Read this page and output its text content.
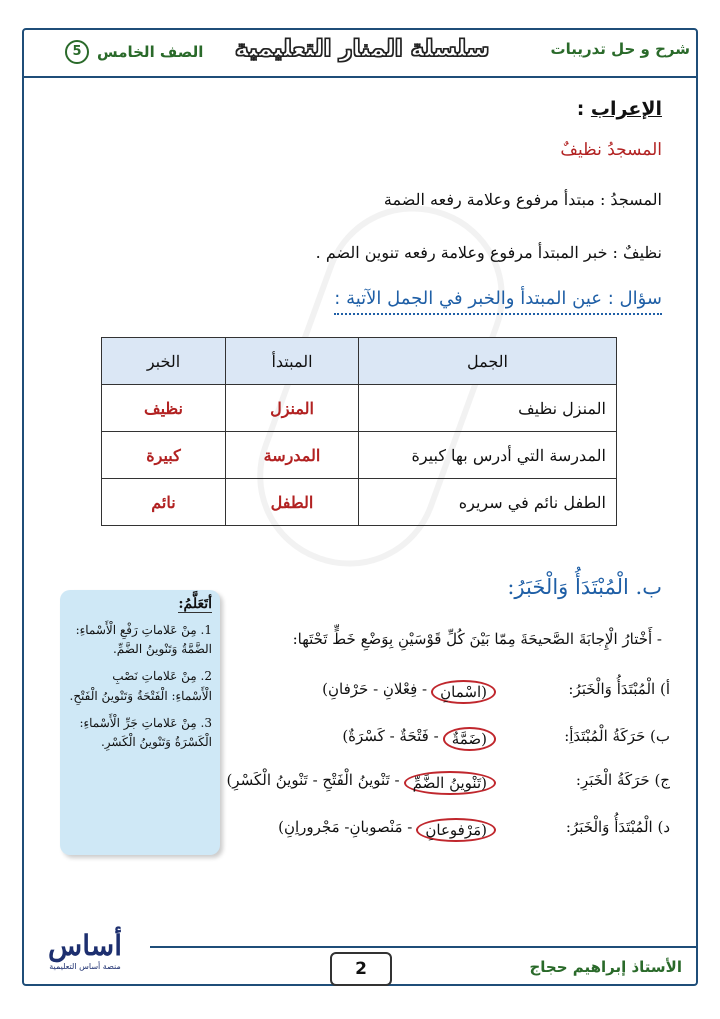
شرح و حل تدريبات
سلسلة المنار التعليمية
الصف الخامس
5
الإعراب :
المسجدُ نظيفٌ
المسجدُ : مبتدأ مرفوع وعلامة رفعه الضمة
نظيفٌ : خبر المبتدأ مرفوع وعلامة رفعه تنوين الضم .
سؤال : عين المبتدأ والخبر في الجمل الآتية :
الجمل	المبتدأ	الخبر
المنزل نظيف	المنزل	نظيف
المدرسة التي أدرس بها كبيرة	المدرسة	كبيرة
الطفل نائم في سريره	الطفل	نائم
ب. الْمُبْتَدَأُ وَالْخَبَرُ:
- أَخْتارُ الْإِجابَةَ الصَّحيحَةَ مِمّا بَيْنَ كُلِّ قَوْسَيْنِ بِوَضْعِ خَطٍّ تَحْتَها:
أ) الْمُبْتَدَأُ وَالْخَبَرُ:
(اسْمانِ
- فِعْلانِ - حَرْفانِ)
ب) حَرَكَةُ الْمُبْتَدَأِ:
(ضَمَّةٌ
- فَتْحَةٌ - كَسْرَةٌ)
ج) حَرَكَةُ الْخَبَرِ:
(تَنْوينُ الضَّمِّ
- تَنْوينُ الْفَتْحِ - تَنْوينُ الْكَسْرِ)
د) الْمُبْتَدَأُ وَالْخَبَرُ:
(مَرْفوعانِ
- مَنْصوبانِ- مَجْروراِنِ)
أتَعَلَّمُ:

1. مِنْ عَلاماتِ رَفْعِ الْأَسْماءِ: الضَّمَّةُ وَتَنْوينُ الضَّمِّ.

2. مِنْ عَلاماتِ نَصْبِ الْأَسْماءِ: الْفَتْحَةُ وَتَنْوينُ الْفَتْحِ.

3. مِنْ عَلاماتِ جَرِّ الْأَسْماءِ: الْكَسْرَةُ وَتَنْوينُ الْكَسْرِ.

الأستاذ إبراهيم حجاج
2
أساس
منصة أساس التعليمية
